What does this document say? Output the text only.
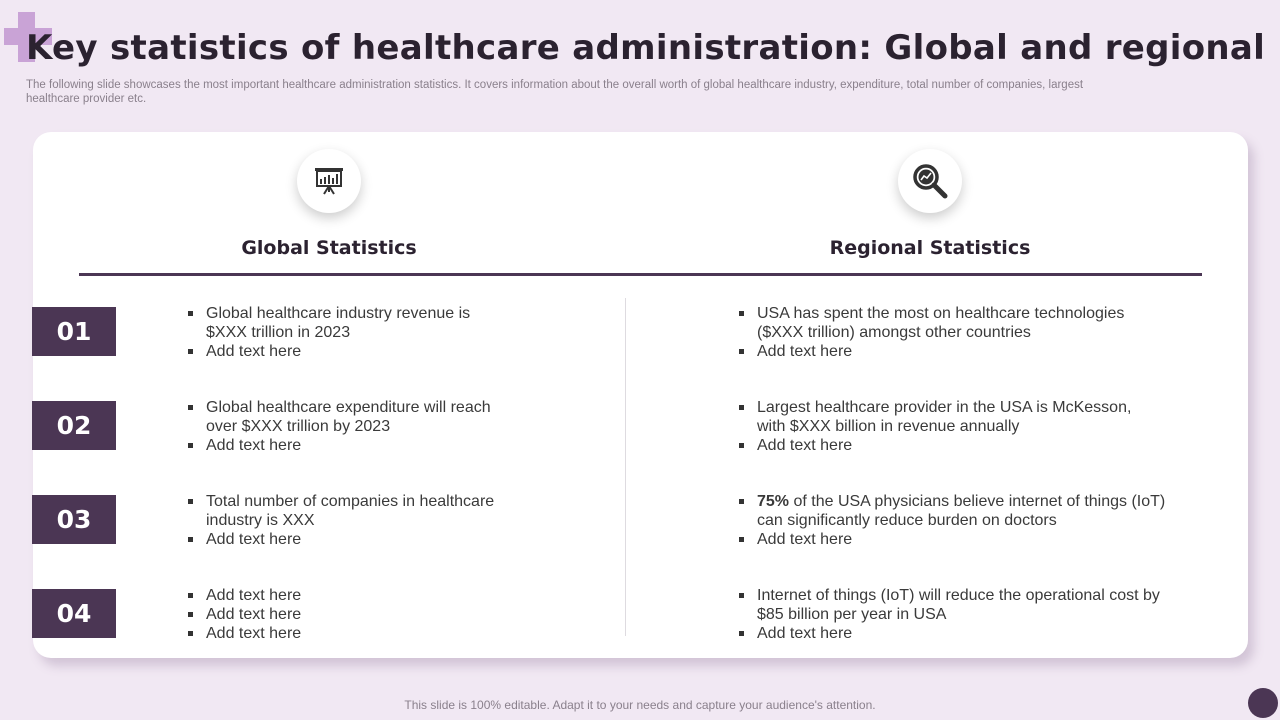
Key statistics of healthcare administration: Global and regional
The following slide showcases the most important healthcare administration statistics. It covers information about the overall worth of global healthcare industry, expenditure, total number of companies, largest healthcare provider etc.
Global Statistics	Regional Statistics
01
02
03
04
Global healthcare industry revenue is $XXX trillion in 2023
Add text here
Global healthcare expenditure will reach over $XXX trillion by 2023
Add text here
Total number of companies in healthcare industry is XXX
Add text here
Add text here
Add text here
Add text here
USA has spent the most on healthcare technologies ($XXX trillion) amongst other countries
Add text here
Largest healthcare provider in the USA is McKesson, with $XXX billion in revenue annually
Add text here
75% of the USA physicians believe internet of things (IoT) can significantly reduce burden on doctors
Add text here
Internet of things (IoT) will reduce the operational cost by $85 billion per year in USA
Add text here
This slide is 100% editable. Adapt it to your needs and capture your audience's attention.
